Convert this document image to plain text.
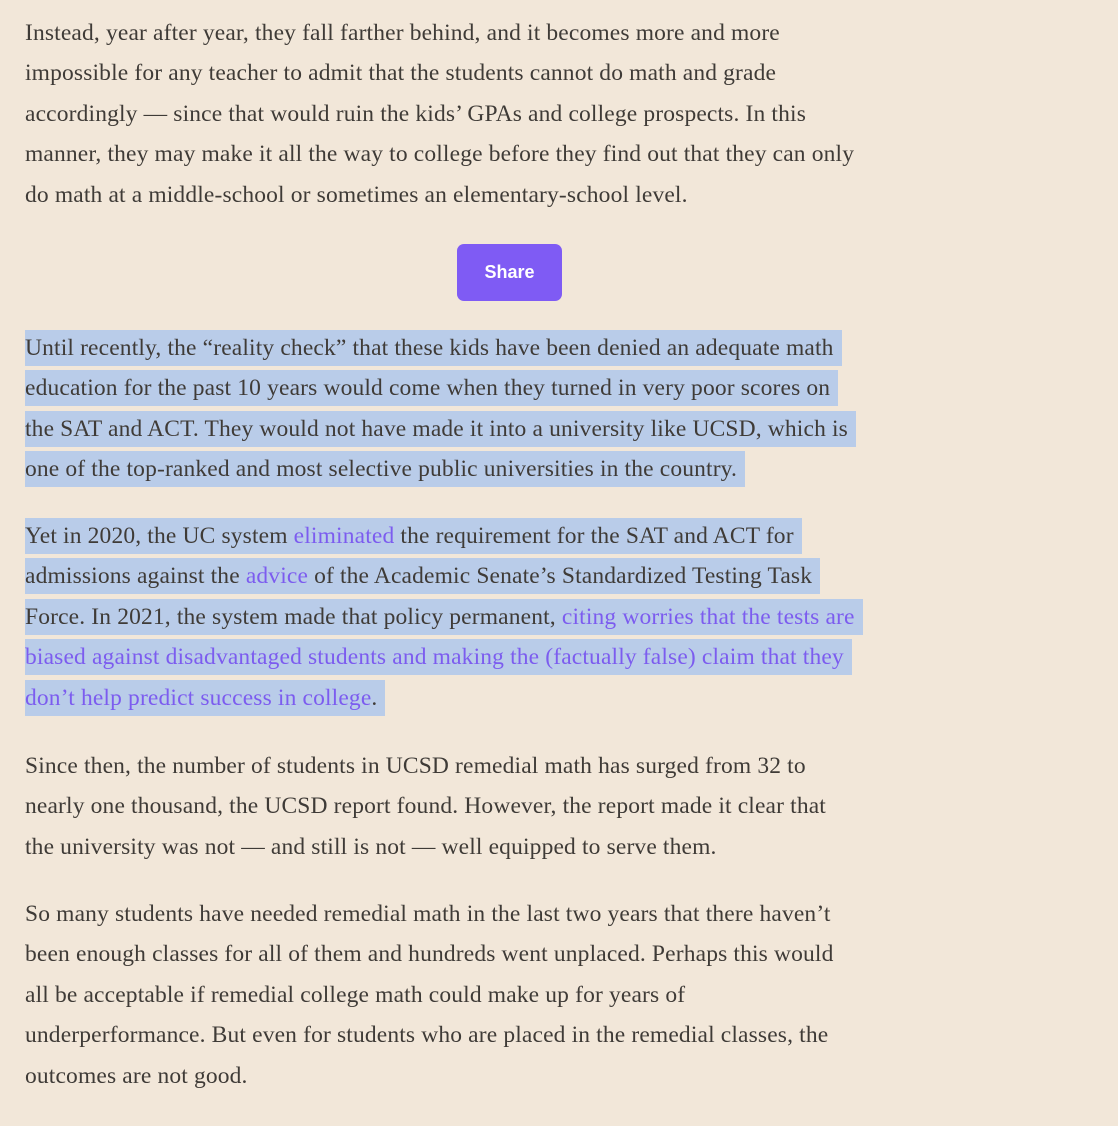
Instead, year after year, they fall farther behind, and it becomes more and more
impossible for any teacher to admit that the students cannot do math and grade
accordingly — since that would ruin the kids’ GPAs and college prospects. In this
manner, they may make it all the way to college before they find out that they can only
do math at a middle-school or sometimes an elementary-school level.

Share

Until recently, the “reality check” that these kids have been denied an adequate math
education for the past 10 years would come when they turned in very poor scores on
the SAT and ACT. They would not have made it into a university like UCSD, which is
one of the top-ranked and most selective public universities in the country.

Yet in 2020, the UC system eliminated the requirement for the SAT and ACT for
admissions against the advice of the Academic Senate’s Standardized Testing Task
Force. In 2021, the system made that policy permanent, citing worries that the tests are
biased against disadvantaged students and making the (factually false) claim that they
don’t help predict success in college.

Since then, the number of students in UCSD remedial math has surged from 32 to
nearly one thousand, the UCSD report found. However, the report made it clear that
the university was not — and still is not — well equipped to serve them.

So many students have needed remedial math in the last two years that there haven’t
been enough classes for all of them and hundreds went unplaced. Perhaps this would
all be acceptable if remedial college math could make up for years of
underperformance. But even for students who are placed in the remedial classes, the
outcomes are not good.
